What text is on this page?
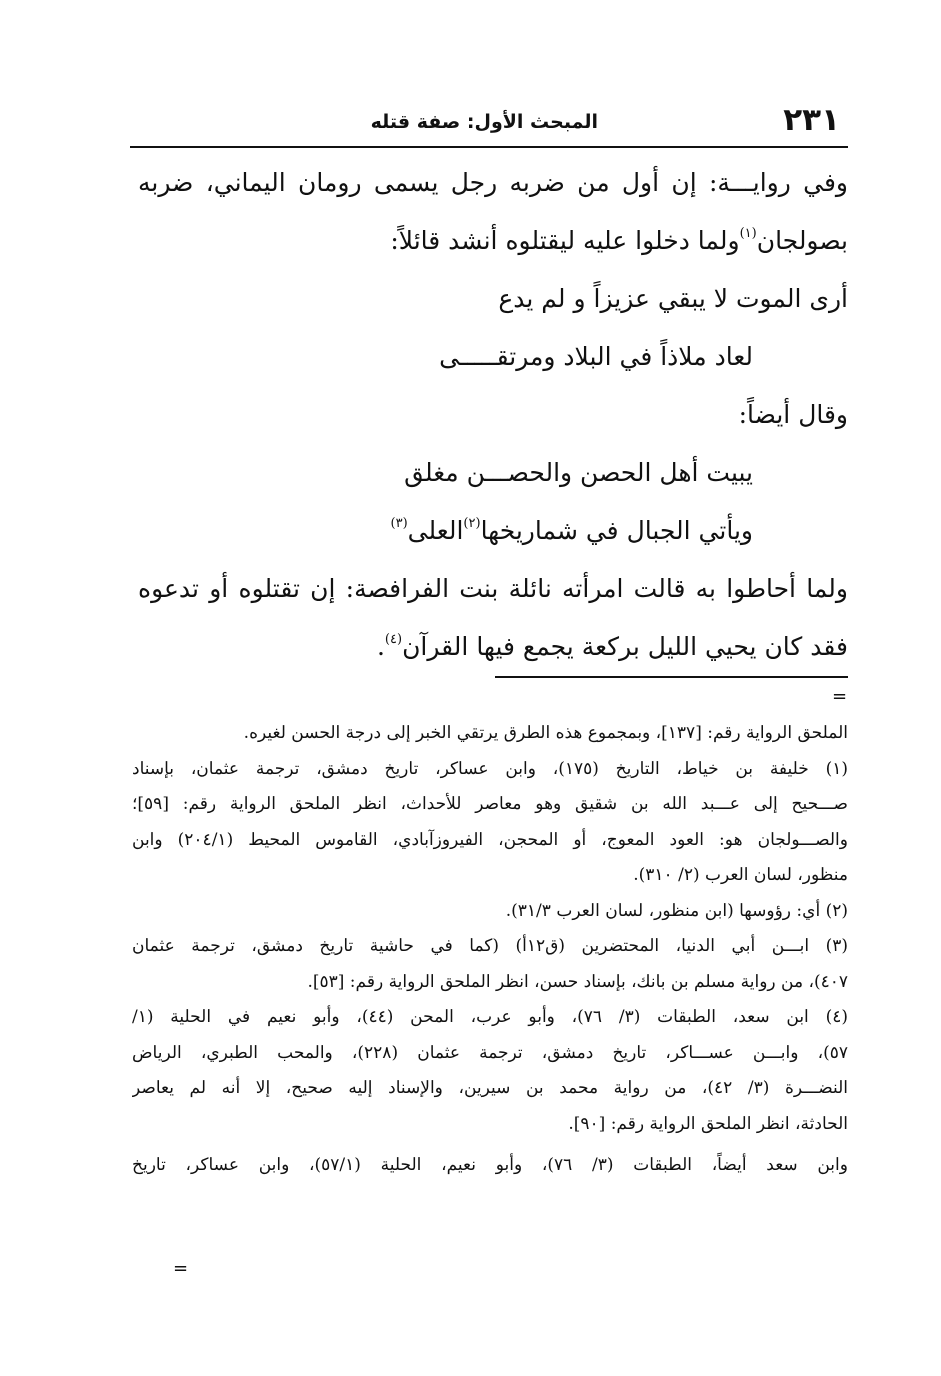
٢٣١
المبحث الأول: صفة قتله
وفي روايـــة: إن أول من ضربه رجل يسمى رومان اليماني، ضربه
بصولجان$^{(١)}$ولما دخلوا عليه ليقتلوه أنشد قائلاً:
أرى الموت لا يبقي عزيزاً و لم يدع
لعاد ملاذاً في البلاد ومرتقـــــى
وقال أيضاً:
يبيت أهل الحصن والحصـــن مغلق
ويأتي الجبال في شماريخها$^{(٢)}$العلى$^{(٣)}$
ولما أحاطوا به قالت امرأته نائلة بنت الفرافصة: إن تقتلوه أو تدعوه
فقد كان يحيي الليل بركعة يجمع فيها القرآن$^{(٤)}$.
=
الملحق الرواية رقم: [١٣٧]، وبمجموع هذه الطرق يرتقي الخبر إلى درجة الحسن لغيره.
(١) خليفة بن خياط، التاريخ (١٧٥)، وابن عساكر، تاريخ دمشق، ترجمة عثمان، بإسناد
صـــحيح إلى عـــبد الله بن شقيق وهو معاصر للأحداث، انظر الملحق الرواية رقم: [٥٩]؛
والصـــولجان هو: العود المعوج، أو المحجن، الفيروزآبادي، القاموس المحيط (٢٠٤/١) وابن
منظور، لسان العرب (٢/ ٣١٠).
(٢) أي: رؤوسها (ابن منظور، لسان العرب ٣١/٣).
(٣) ابـــن أبي الدنيا، المحتضرين (ق١٢أ) (كما في حاشية تاريخ دمشق، ترجمة عثمان
٤٠٧)، من رواية مسلم بن بانك، بإسناد حسن، انظر الملحق الرواية رقم: [٥٣].
(٤) ابن سعد، الطبقات (٣/ ٧٦)، وأبو عرب، المحن (٤٤)، وأبو نعيم في الحلية (١/
٥٧)، وابـــن عســـاكر، تاريخ دمشق، ترجمة عثمان (٢٢٨)، والمحب الطبري، الرياض
النضـــرة (٣/ ٤٢)، من رواية محمد بن سيرين، والإسناد إليه صحيح، إلا أنه لم يعاصر
الحادثة، انظر الملحق الرواية رقم: [٩٠].
وابن سعد أيضاً، الطبقات (٣/ ٧٦)، وأبو نعيم، الحلية (٥٧/١)، وابن عساكر، تاريخ
=
